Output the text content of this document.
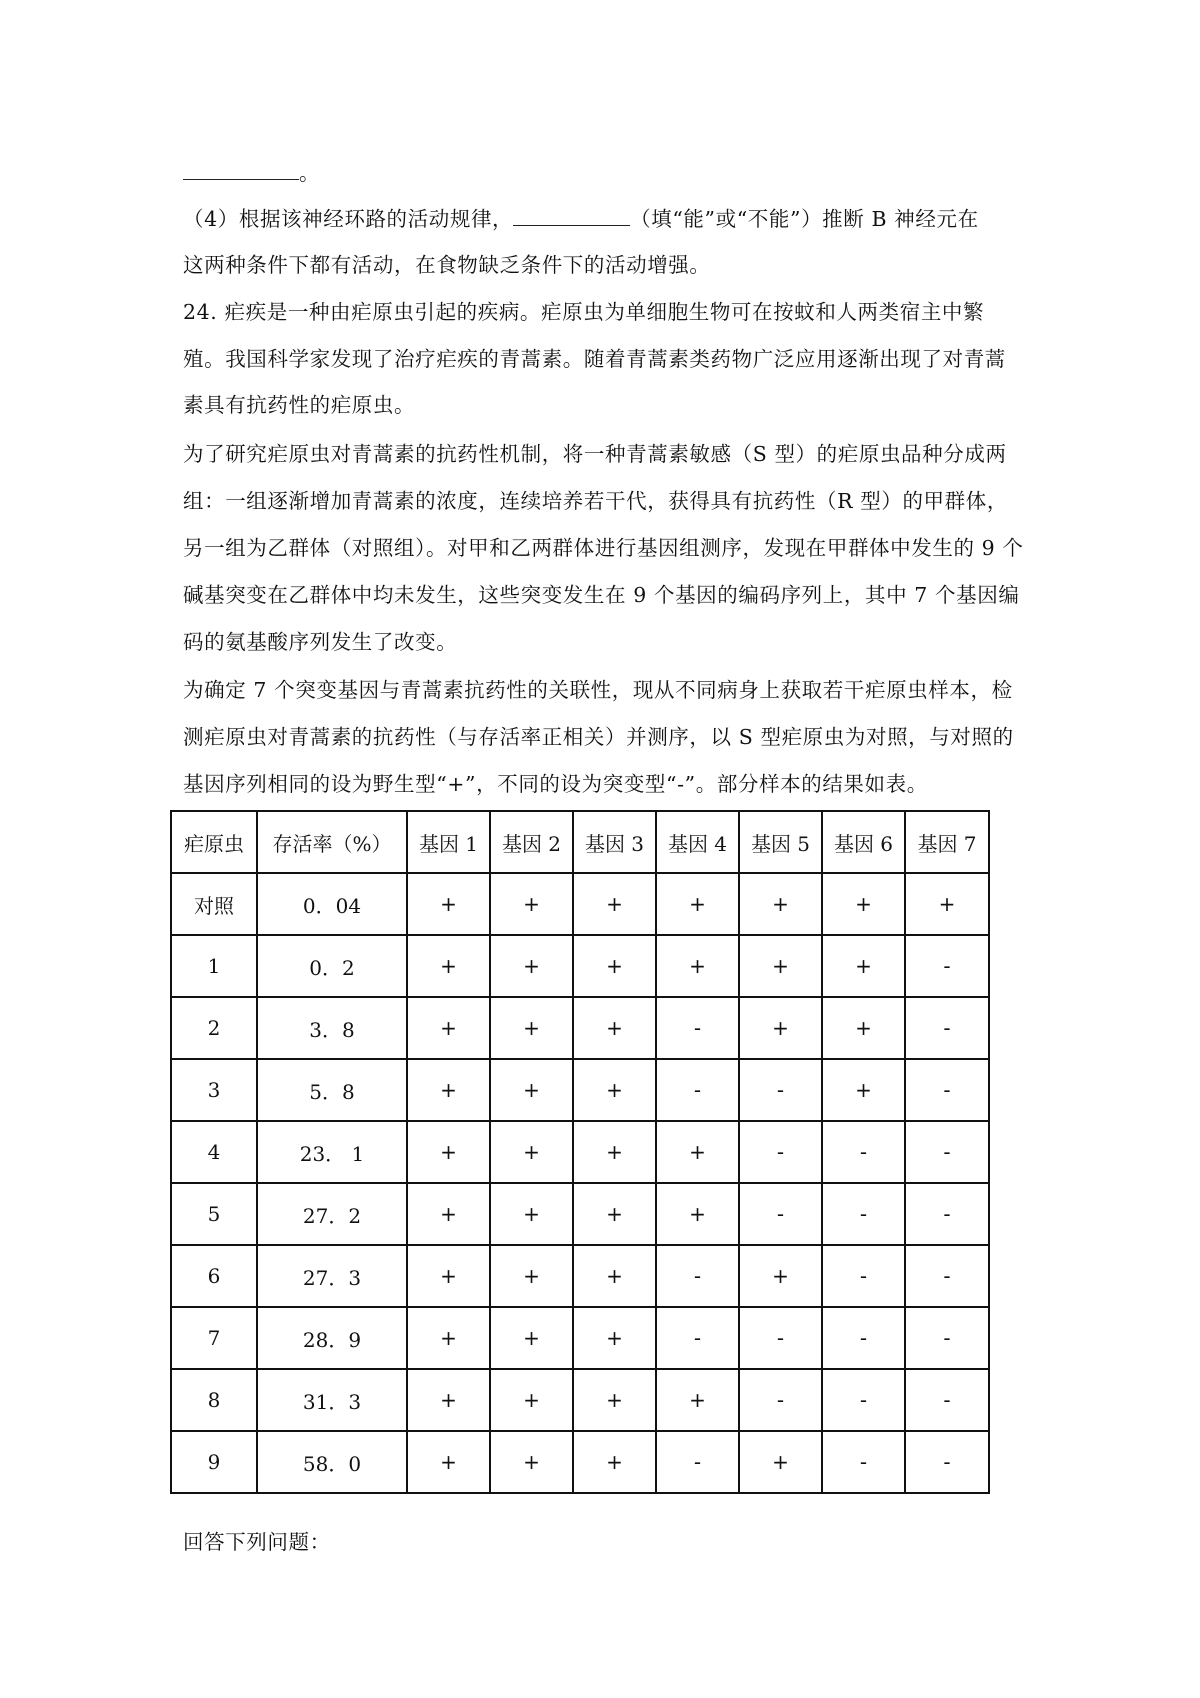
。
（4）根据该神经环路的活动规律，	（填“能”或“不能”）推断 B 神经元在
这两种条件下都有活动，在食物缺乏条件下的活动增强。
24. 疟疾是一种由疟原虫引起的疾病。疟原虫为单细胞生物可在按蚊和人两类宿主中繁
殖。我国科学家发现了治疗疟疾的青蒿素。随着青蒿素类药物广泛应用逐渐出现了对青蒿
素具有抗药性的疟原虫。
为了研究疟原虫对青蒿素的抗药性机制，将一种青蒿素敏感（S 型）的疟原虫品种分成两
组：一组逐渐增加青蒿素的浓度，连续培养若干代，获得具有抗药性（R 型）的甲群体，
另一组为乙群体（对照组）。对甲和乙两群体进行基因组测序，发现在甲群体中发生的 9 个
碱基突变在乙群体中均未发生，这些突变发生在 9 个基因的编码序列上，其中 7 个基因编
码的氨基酸序列发生了改变。
为确定 7 个突变基因与青蒿素抗药性的关联性，现从不同病身上获取若干疟原虫样本，检
测疟原虫对青蒿素的抗药性（与存活率正相关）并测序，以 S 型疟原虫为对照，与对照的
基因序列相同的设为野生型“+”，不同的设为突变型“-”。部分样本的结果如表。
疟原虫	存活率（%）	基因 1	基因 2	基因 3	基因 4	基因 5	基因 6	基因 7
对照	0．04	+	+	+	+	+	+	+
1	0．2	+	+	+	+	+	+	-
2	3．8	+	+	+	-	+	+	-
3	5．8	+	+	+	-	-	+	-
4	23． 1	+	+	+	+	-	-	-
5	27．2	+	+	+	+	-	-	-
6	27．3	+	+	+	-	+	-	-
7	28．9	+	+	+	-	-	-	-
8	31．3	+	+	+	+	-	-	-
9	58．0	+	+	+	-	+	-	-
回答下列问题：
